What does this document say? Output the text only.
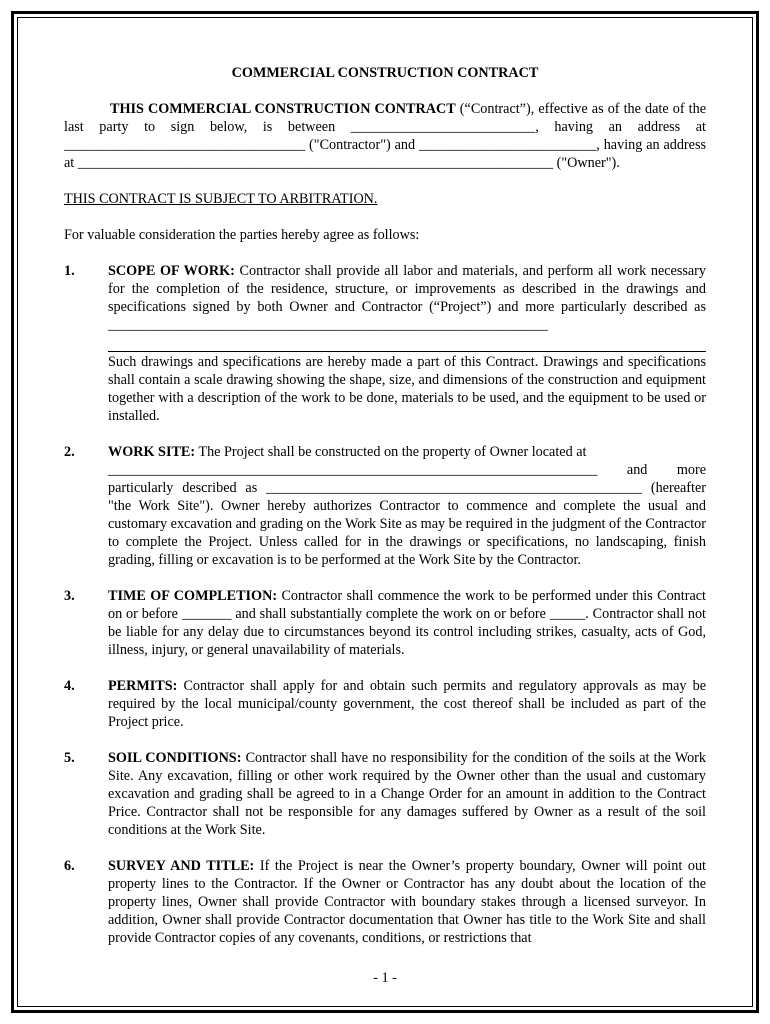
COMMERCIAL CONSTRUCTION CONTRACT

THIS COMMERCIAL CONSTRUCTION CONTRACT (“Contract”), effective as of the date of the last party to sign below, is between __________________________, having an address at __________________________________ ("Contractor") and _________________________, having an address at ___________________________________________________________________ ("Owner").

THIS CONTRACT IS SUBJECT TO ARBITRATION.

For valuable consideration the parties hereby agree as follows:

1. SCOPE OF WORK: Contractor shall provide all labor and materials, and perform all work necessary for the completion of the residence, structure, or improvements as described in the drawings and specifications signed by both Owner and Contractor (“Project”) and more particularly described as ______________________________________________________________

Such drawings and specifications are hereby made a part of this Contract. Drawings and specifications shall contain a scale drawing showing the shape, size, and dimensions of the construction and equipment together with a description of the work to be done, materials to be used, and the equipment to be used or installed.

2. WORK SITE: The Project shall be constructed on the property of Owner located at

_____________________________________________________________________ and more particularly described as _____________________________________________________ (hereafter "the Work Site"). Owner hereby authorizes Contractor to commence and complete the usual and customary excavation and grading on the Work Site as may be required in the judgment of the Contractor to complete the Project. Unless called for in the drawings or specifications, no landscaping, finish grading, filling or excavation is to be performed at the Work Site by the Contractor.

3. TIME OF COMPLETION: Contractor shall commence the work to be performed under this Contract on or before _______ and shall substantially complete the work on or before _____. Contractor shall not be liable for any delay due to circumstances beyond its control including strikes, casualty, acts of God, illness, injury, or general unavailability of materials.

4. PERMITS: Contractor shall apply for and obtain such permits and regulatory approvals as may be required by the local municipal/county government, the cost thereof shall be included as part of the Project price.

5. SOIL CONDITIONS: Contractor shall have no responsibility for the condition of the soils at the Work Site. Any excavation, filling or other work required by the Owner other than the usual and customary excavation and grading shall be agreed to in a Change Order for an amount in addition to the Contract Price. Contractor shall not be responsible for any damages suffered by Owner as a result of the soil conditions at the Work Site.

6. SURVEY AND TITLE: If the Project is near the Owner’s property boundary, Owner will point out property lines to the Contractor. If the Owner or Contractor has any doubt about the location of the property lines, Owner shall provide Contractor with boundary stakes through a licensed surveyor. In addition, Owner shall provide Contractor documentation that Owner has title to the Work Site and shall provide Contractor copies of any covenants, conditions, or restrictions that

- 1 -
